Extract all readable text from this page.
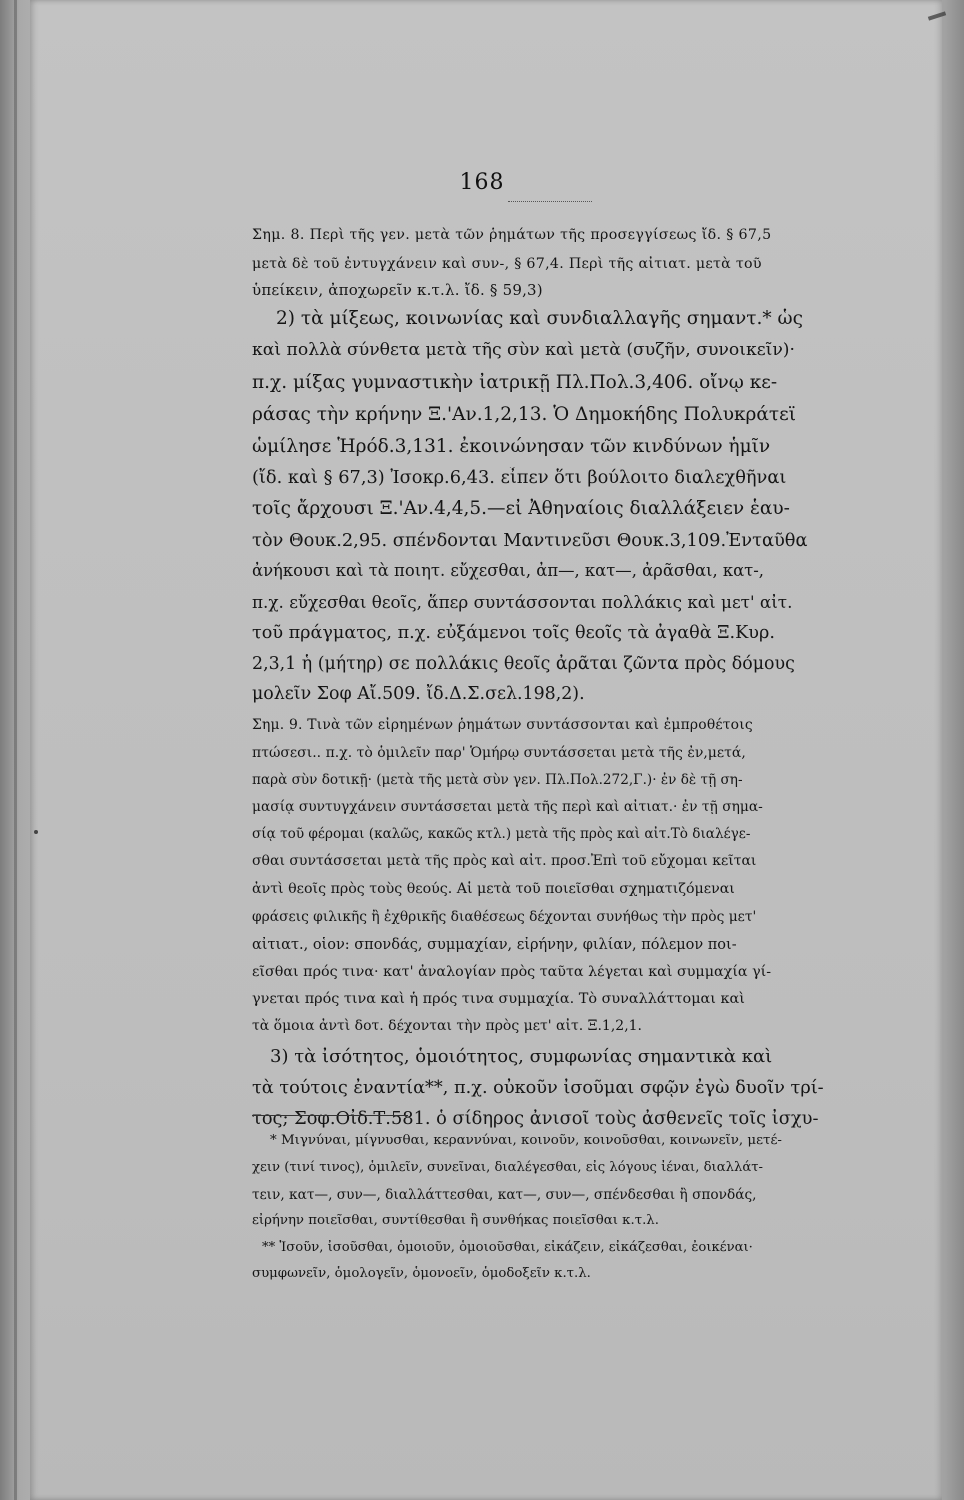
168
Σημ. 8. Περὶ τῆς γεν. μετὰ τῶν ῥημάτων τῆς προσεγγίσεως ἴδ. § 67,5
μετὰ δὲ τοῦ ἐντυγχάνειν καὶ συν-, § 67,4. Περὶ τῆς αἰτιατ. μετὰ τοῦ
ὑπείκειν, ἀποχωρεῖν κ.τ.λ. ἴδ. § 59,3)
2) τὰ μίξεως, κοινωνίας καὶ συνδιαλλαγῆς σημαντ.* ὡς
καὶ πολλὰ σύνθετα μετὰ τῆς σὺν καὶ μετὰ (συζῆν, συνοικεῖν)·
π.χ. μίξας γυμναστικὴν ἰατρικῇ Πλ.Πολ.3,406. οἴνῳ κε-
ράσας τὴν κρήνην Ξ.'Αν.1,2,13. Ὁ Δημοκήδης Πολυκράτεϊ
ὡμίλησε Ἡρόδ.3,131. ἐκοινώνησαν τῶν κινδύνων ἡμῖν
(ἴδ. καὶ § 67,3) Ἰσοκρ.6,43. εἶπεν ὅτι βούλοιτο διαλεχθῆναι
τοῖς ἄρχουσι Ξ.'Αν.4,4,5.—εἰ Ἀθηναίοις διαλλάξειεν ἑαυ-
τὸν Θουκ.2,95. σπένδονται Μαντινεῦσι Θουκ.3,109.Ἐνταῦθα
ἀνήκουσι καὶ τὰ ποιητ. εὔχεσθαι, ἀπ—, κατ—, ἀρᾶσθαι, κατ-,
π.χ. εὔχεσθαι θεοῖς, ἅπερ συντάσσονται πολλάκις καὶ μετ' αἰτ.
τοῦ πράγματος, π.χ. εὐξάμενοι τοῖς θεοῖς τὰ ἀγαθὰ Ξ.Κυρ.
2,3,1 ἡ (μήτηρ) σε πολλάκις θεοῖς ἀρᾶται ζῶντα πρὸς δόμους
μολεῖν Σοφ Αἴ.509. ἴδ.Δ.Σ.σελ.198,2).
Σημ. 9. Τινὰ τῶν εἰρημένων ῥημάτων συντάσσονται καὶ ἐμπροθέτοις
πτώσεσι.. π.χ. τὸ ὁμιλεῖν παρ' Ὁμήρῳ συντάσσεται μετὰ τῆς ἐν,μετά,
παρὰ σὺν δοτικῇ· (μετὰ τῆς μετὰ σὺν γεν. Πλ.Πολ.272,Γ.)· ἐν δὲ τῇ ση-
μασίᾳ συντυγχάνειν συντάσσεται μετὰ τῆς περὶ καὶ αἰτιατ.· ἐν τῇ σημα-
σίᾳ τοῦ φέρομαι (καλῶς, κακῶς κτλ.) μετὰ τῆς πρὸς καὶ αἰτ.Τὸ διαλέγε-
σθαι συντάσσεται μετὰ τῆς πρὸς καὶ αἰτ. προσ.Ἐπὶ τοῦ εὔχομαι κεῖται
ἀντὶ θεοῖς πρὸς τοὺς θεούς. Αἱ μετὰ τοῦ ποιεῖσθαι σχηματιζόμεναι
φράσεις φιλικῆς ἢ ἐχθρικῆς διαθέσεως δέχονται συνήθως τὴν πρὸς μετ'
αἰτιατ., οἷον: σπονδάς, συμμαχίαν, εἰρήνην, φιλίαν, πόλεμον ποι-
εῖσθαι πρός τινα· κατ' ἀναλογίαν πρὸς ταῦτα λέγεται καὶ συμμαχία γί-
γνεται πρός τινα καὶ ἡ πρός τινα συμμαχία. Τὸ συναλλάττομαι καὶ
τὰ ὅμοια ἀντὶ δοτ. δέχονται τὴν πρὸς μετ' αἰτ. Ξ.1,2,1.
3) τὰ ἰσότητος, ὁμοιότητος, συμφωνίας σημαντικὰ καὶ
τὰ τούτοις ἐναντία**, π.χ. οὐκοῦν ἰσοῦμαι σφῷν ἐγὼ δυοῖν τρί-
τος; Σοφ.Οἰδ.Τ.581. ὁ σίδηρος ἀνισοῖ τοὺς ἀσθενεῖς τοῖς ἰσχυ-
* Μιγνύναι, μίγνυσθαι, κεραννύναι, κοινοῦν, κοινοῦσθαι, κοινωνεῖν, μετέ-
χειν (τινί τινος), ὁμιλεῖν, συνεῖναι, διαλέγεσθαι, εἰς λόγους ἰέναι, διαλλάτ-
τειν, κατ—, συν—, διαλλάττεσθαι, κατ—, συν—, σπένδεσθαι ἢ σπονδάς,
εἰρήνην ποιεῖσθαι, συντίθεσθαι ἢ συνθήκας ποιεῖσθαι κ.τ.λ.
** Ἰσοῦν, ἰσοῦσθαι, ὁμοιοῦν, ὁμοιοῦσθαι, εἰκάζειν, εἰκάζεσθαι, ἐοικέναι·
συμφωνεῖν, ὁμολογεῖν, ὁμονοεῖν, ὁμοδοξεῖν κ.τ.λ.
